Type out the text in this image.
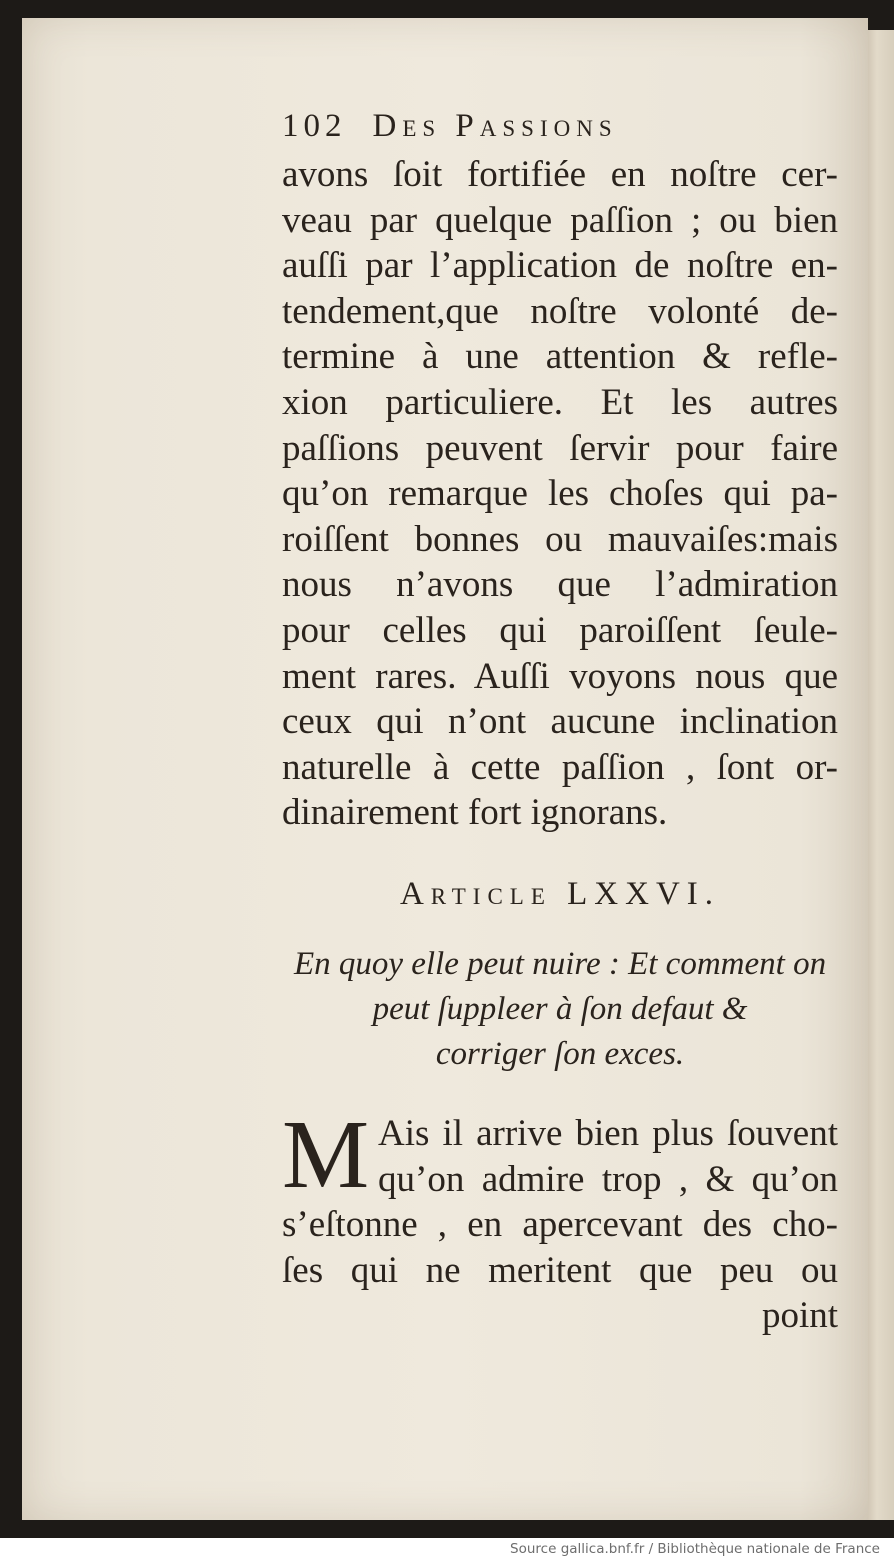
102 Des Passions
avons ſoit fortifiée en noſtre cer-
veau par quelque paſſion ; ou bien
auſſi par l’application de noſtre en-
tendement,que noſtre volonté de-
termine à une attention & refle-
xion particuliere. Et les autres
paſſions peuvent ſervir pour faire
qu’on remarque les choſes qui pa-
roiſſent bonnes ou mauvaiſes:mais
nous n’avons que l’admiration
pour celles qui paroiſſent ſeule-
ment rares. Auſſi voyons nous que
ceux qui n’ont aucune inclination
naturelle à cette paſſion , ſont or-
dinairement fort ignorans.
Article LXXVI.
En quoy elle peut nuire : Et comment on
peut ſuppleer à ſon defaut &
corriger ſon exces.
M Ais il arrive bien plus ſouvent
qu’on admire trop , & qu’on
s’eſtonne , en apercevant des cho-
ſes qui ne meritent que peu ou
point
Source gallica.bnf.fr / Bibliothèque nationale de France
